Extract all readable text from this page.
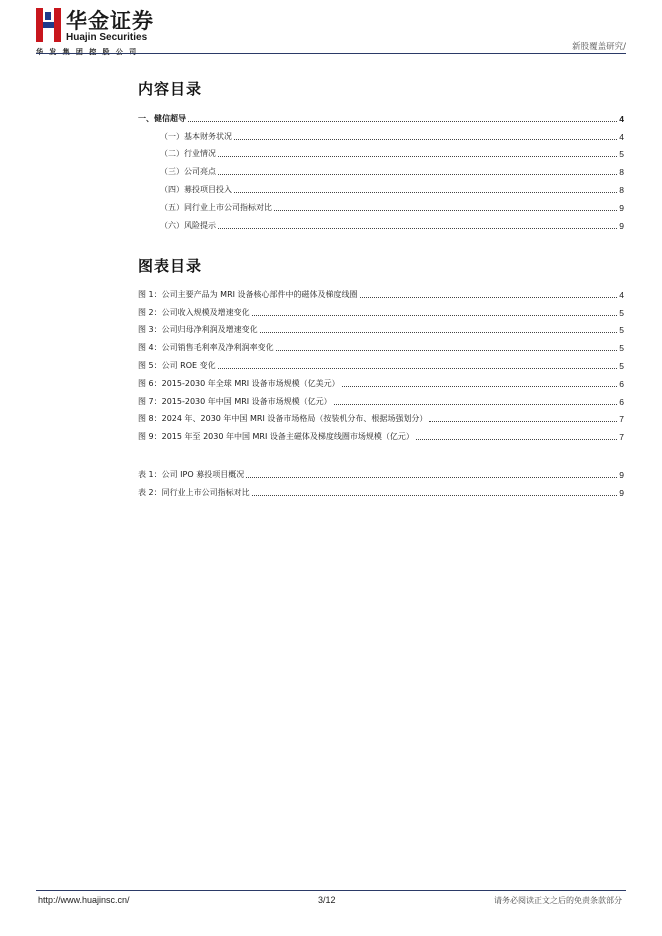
华金证券
Huajin Securities
华发集团控股公司	新股覆盖研究/
内容目录
一、健信超导	4
（一）基本财务状况	4
（二）行业情况	5
（三）公司亮点	8
（四）募投项目投入	8
（五）同行业上市公司指标对比	9
（六）风险提示	9
图表目录
图 1：公司主要产品为 MRI 设备核心部件中的磁体及梯度线圈	4
图 2：公司收入规模及增速变化	5
图 3：公司归母净利润及增速变化	5
图 4：公司销售毛利率及净利润率变化	5
图 5：公司 ROE 变化	5
图 6：2015-2030 年全球 MRI 设备市场规模（亿美元）	6
图 7：2015-2030 年中国 MRI 设备市场规模（亿元）	6
图 8：2024 年、2030 年中国 MRI 设备市场格局（按装机分布、根据场强划分）	7
图 9：2015 年至 2030 年中国 MRI 设备主磁体及梯度线圈市场规模（亿元）	7
表 1：公司 IPO 募投项目概况	9
表 2：同行业上市公司指标对比	9
http://www.huajinsc.cn/	3/12	请务必阅读正文之后的免责条款部分
